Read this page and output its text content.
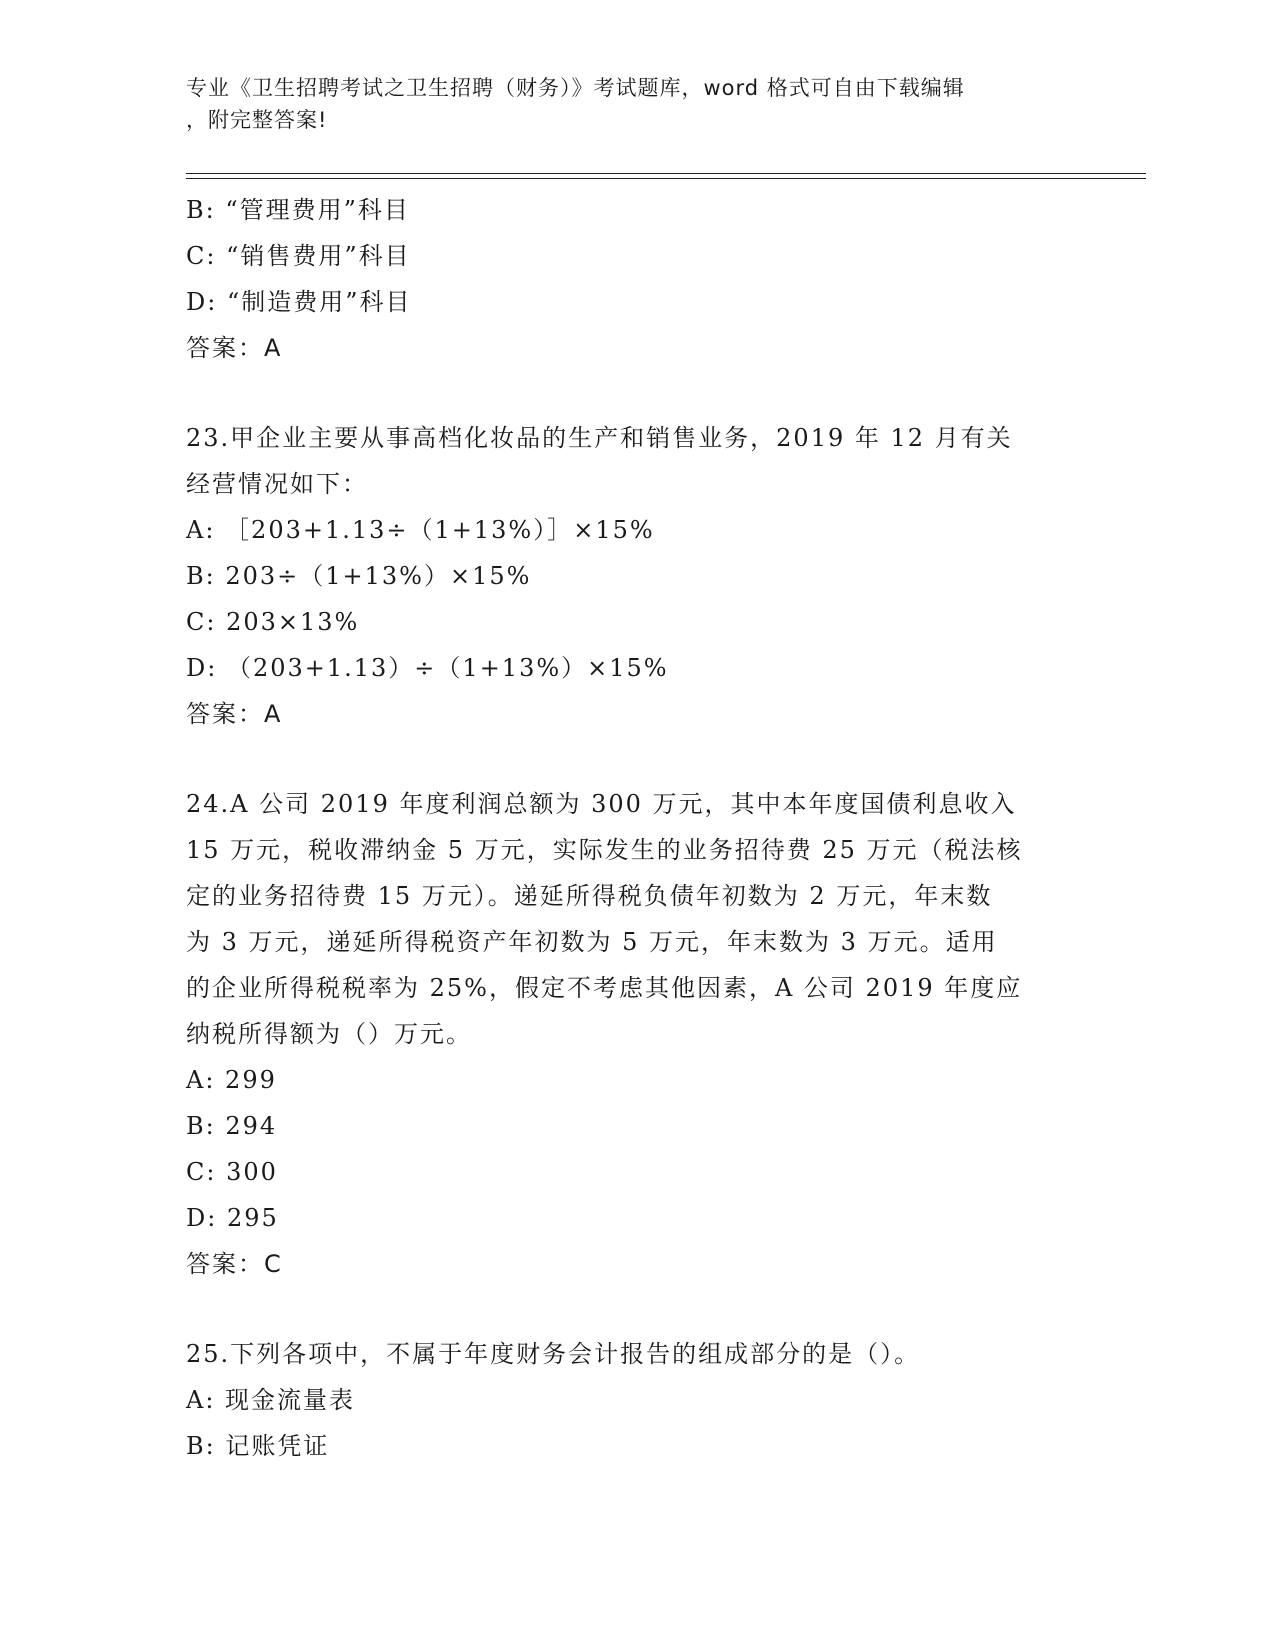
专业《卫生招聘考试之卫生招聘（财务）》考试题库，word 格式可自由下载编辑
，附完整答案!
B: “管理费用”科目
C: “销售费用”科目
D: “制造费用”科目
答案：A
23.甲企业主要从事高档化妆品的生产和销售业务，2019 年 12 月有关
经营情况如下：
A: ［203+1.13÷（1+13%）］×15%
B: 203÷（1+13%）×15%
C: 203×13%
D: （203+1.13）÷（1+13%）×15%
答案：A
24.A 公司 2019 年度利润总额为 300 万元，其中本年度国债利息收入
15 万元，税收滞纳金 5 万元，实际发生的业务招待费 25 万元（税法核
定的业务招待费 15 万元）。递延所得税负债年初数为 2 万元，年末数
为 3 万元，递延所得税资产年初数为 5 万元，年末数为 3 万元。适用
的企业所得税税率为 25%，假定不考虑其他因素，A 公司 2019 年度应
纳税所得额为（）万元。
A: 299
B: 294
C: 300
D: 295
答案：C
25.下列各项中，不属于年度财务会计报告的组成部分的是（）。
A: 现金流量表
B: 记账凭证
